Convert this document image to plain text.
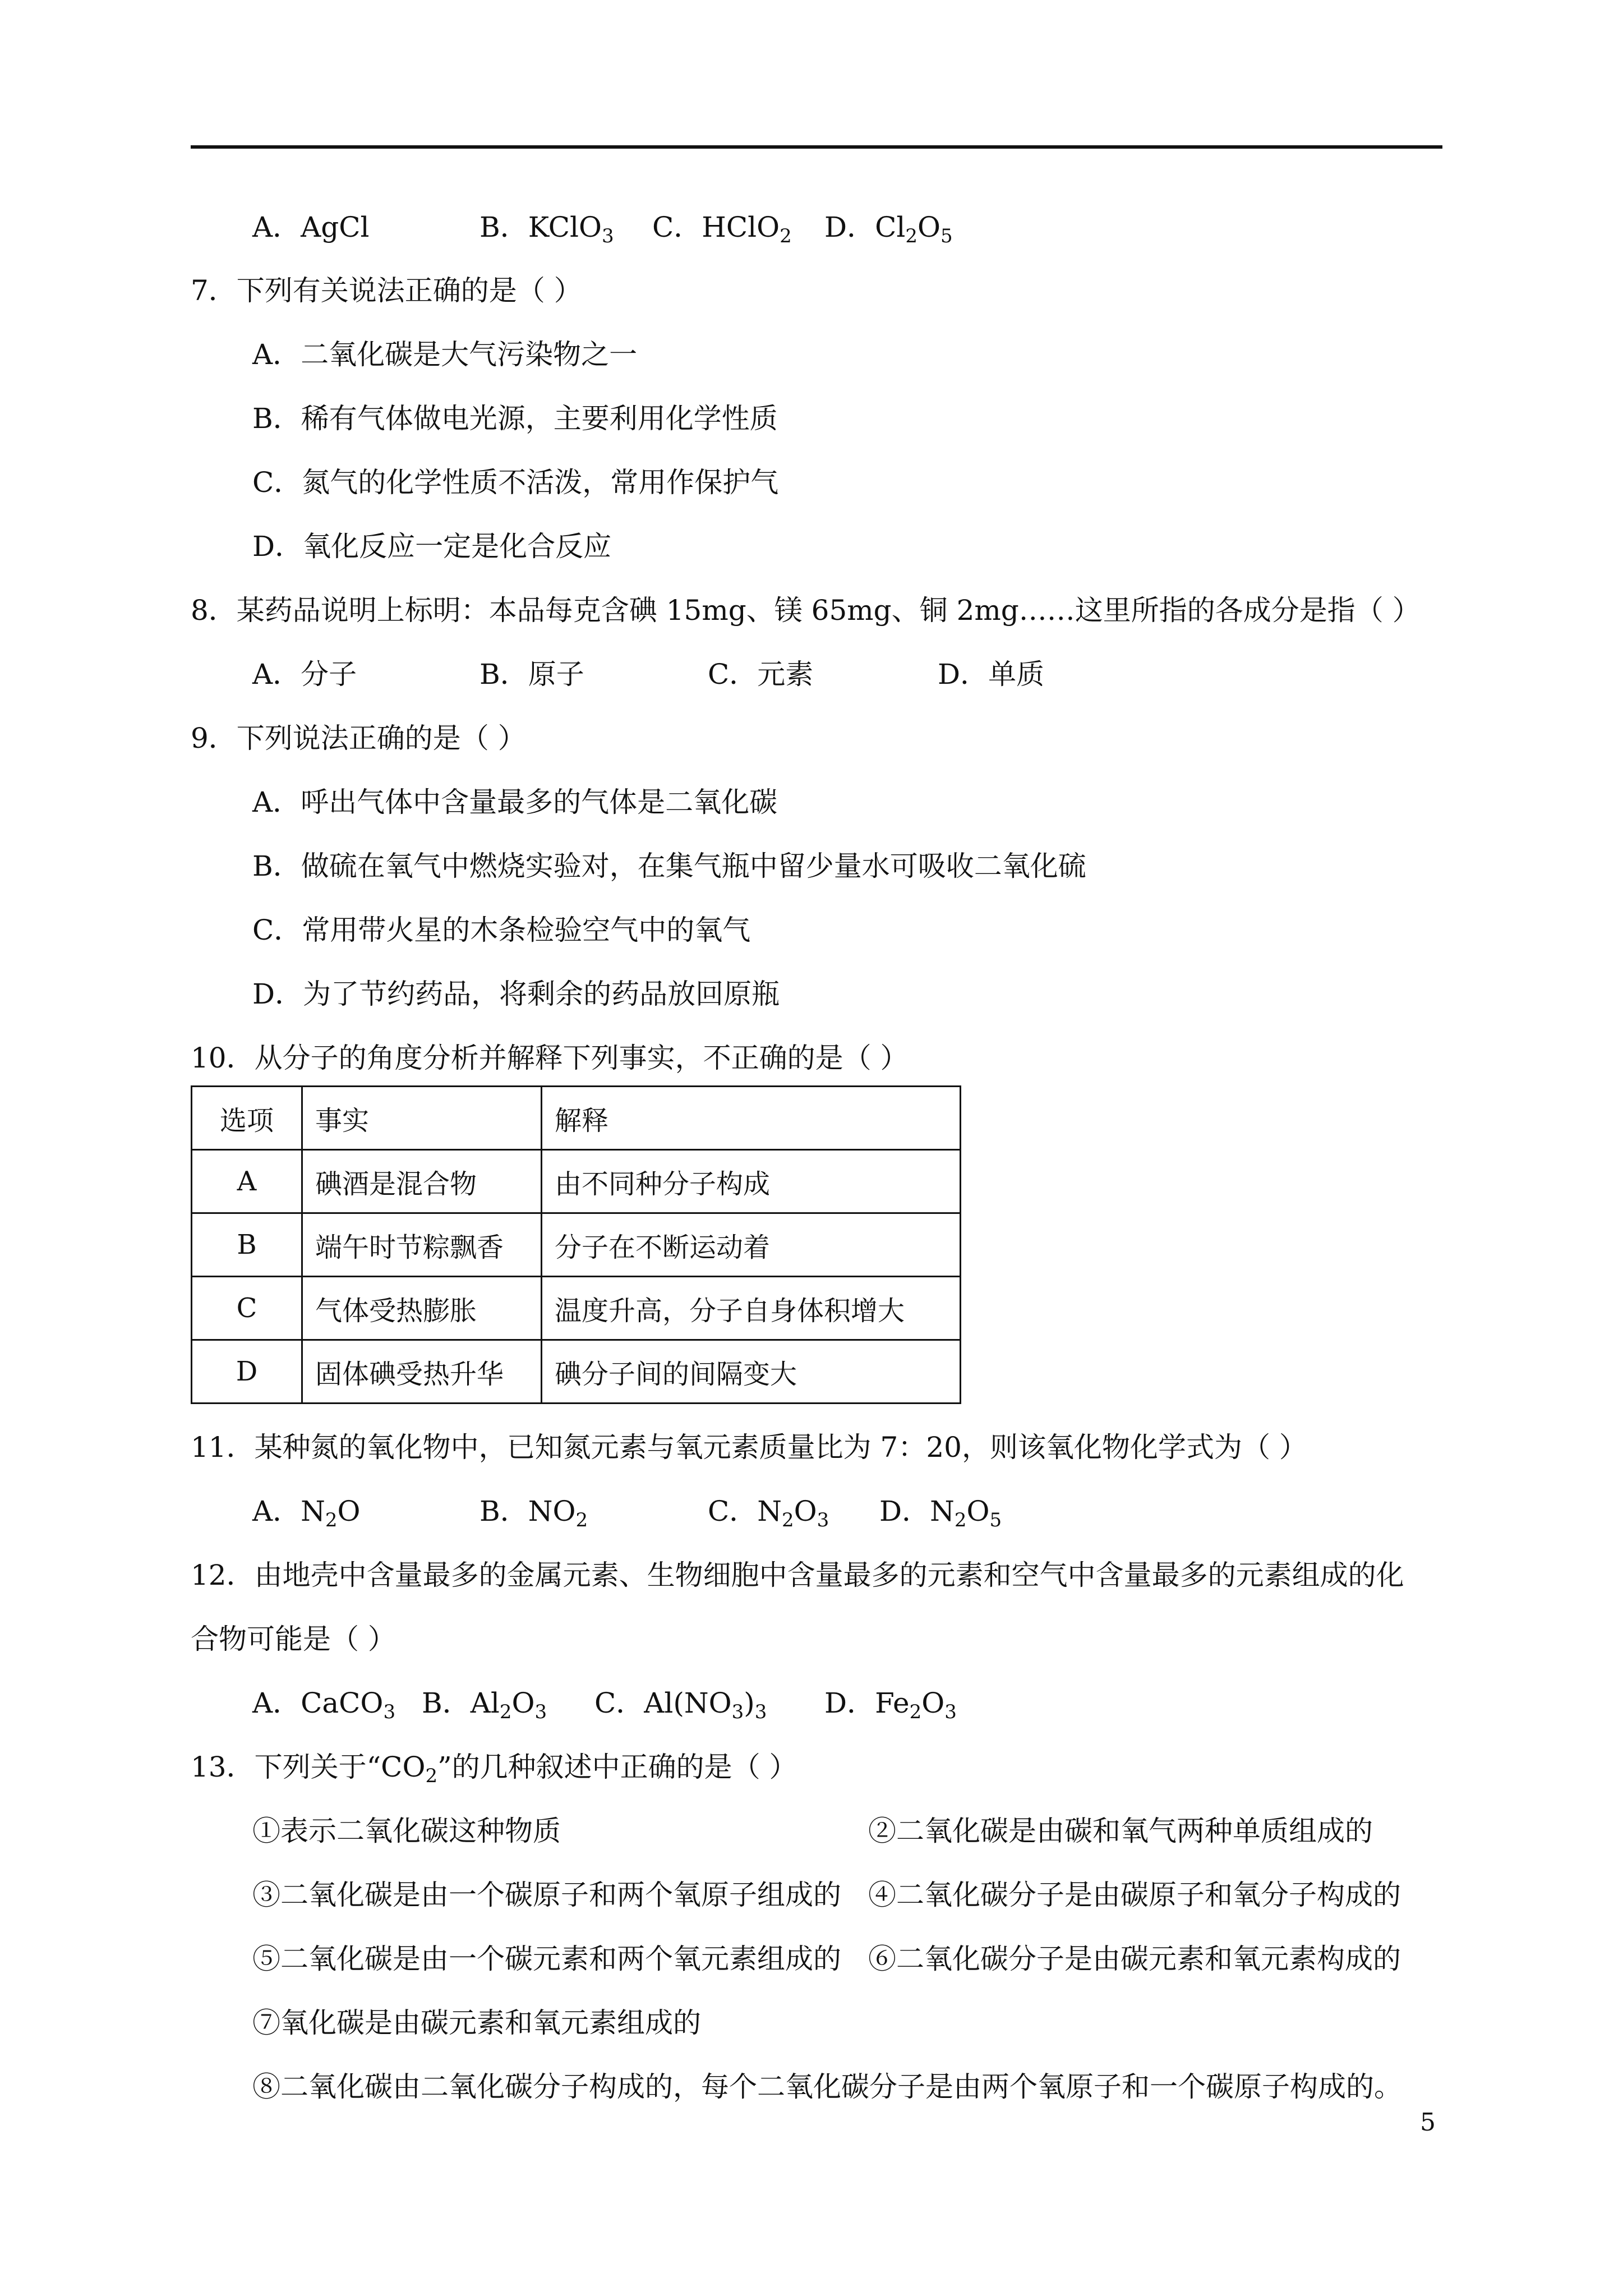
A．AgCl	B．KClO$_3$ C．HClO$_2$ D．$Cl_2O_5$
7．下列有关说法正确的是（ ）
A．二氧化碳是大气污染物之一
B．稀有气体做电光源，主要利用化学性质
C．氮气的化学性质不活泼，常用作保护气
D．氧化反应一定是化合反应
8．某药品说明上标明：本品每克含碘 15mg、镁 65mg、铜 2mg……这里所指的各成分是指（ ）
A．分子	B．原子	C．元素	D．单质
9．下列说法正确的是（ ）
A．呼出气体中含量最多的气体是二氧化碳
B．做硫在氧气中燃烧实验对，在集气瓶中留少量水可吸收二氧化硫
C．常用带火星的木条检验空气中的氧气
D．为了节约药品，将剩余的药品放回原瓶
10．从分子的角度分析并解释下列事实，不正确的是（ ）
选项	事实	解释
A	碘酒是混合物	由不同种分子构成
B	端午时节粽飘香	分子在不断运动着
C	气体受热膨胀	温度升高，分子自身体积增大
D	固体碘受热升华	碘分子间的间隔变大
11．某种氮的氧化物中，已知氮元素与氧元素质量比为 7：20，则该氧化物化学式为（ ）
A．$N_2O$	B．$NO_2$	C．$N_2O_3$ D．$N_2O_5$
12．由地壳中含量最多的金属元素、生物细胞中含量最多的元素和空气中含量最多的元素组成的化
合物可能是（ ）
A．CaCO$_3$ B．$Al_2O_3$ C．$Al(NO_3)_3$ D．$Fe_2O_3$
13．下列关于“$CO_2$”的几种叙述中正确的是（ ）
①表示二氧化碳这种物质	②二氧化碳是由碳和氧气两种单质组成的
③二氧化碳是由一个碳原子和两个氧原子组成的 ④二氧化碳分子是由碳原子和氧分子构成的
⑤二氧化碳是由一个碳元素和两个氧元素组成的 ⑥二氧化碳分子是由碳元素和氧元素构成的
⑦氧化碳是由碳元素和氧元素组成的
⑧二氧化碳由二氧化碳分子构成的，每个二氧化碳分子是由两个氧原子和一个碳原子构成的。
5
